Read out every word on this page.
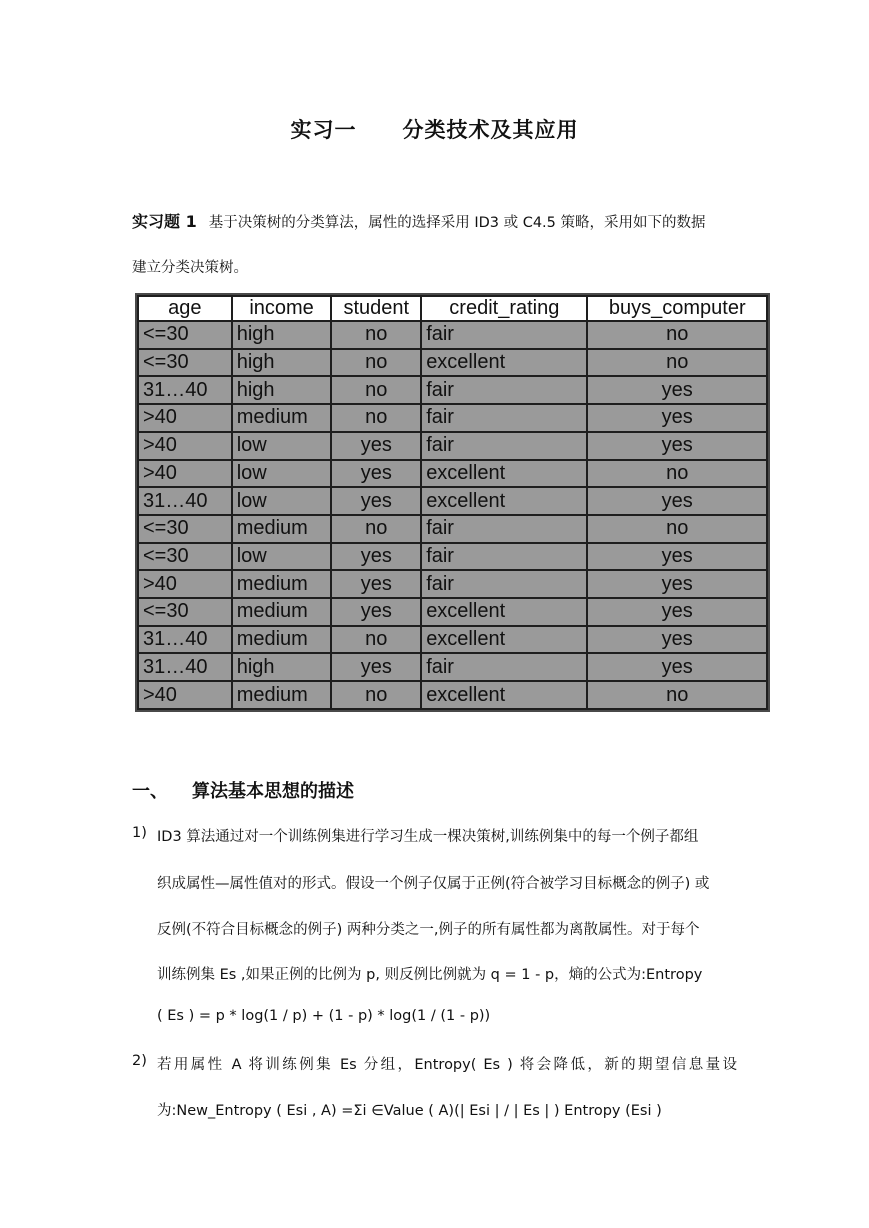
实习一 分类技术及其应用
实习题 1 基于决策树的分类算法，属性的选择采用 ID3 或 C4.5 策略，采用如下的数据
建立分类决策树。
age	income	student	credit_rating	buys_computer
<=30	high	no	fair	no
<=30	high	no	excellent	no
31…40	high	no	fair	yes
>40	medium	no	fair	yes
>40	low	yes	fair	yes
>40	low	yes	excellent	no
31…40	low	yes	excellent	yes
<=30	medium	no	fair	no
<=30	low	yes	fair	yes
>40	medium	yes	fair	yes
<=30	medium	yes	excellent	yes
31…40	medium	no	excellent	yes
31…40	high	yes	fair	yes
>40	medium	no	excellent	no
一、 算法基本思想的描述
1) ID3 算法通过对一个训练例集进行学习生成一棵决策树,训练例集中的每一个例子都组
织成属性—属性值对的形式。假设一个例子仅属于正例(符合被学习目标概念的例子) 或
反例(不符合目标概念的例子) 两种分类之一,例子的所有属性都为离散属性。对于每个
训练例集 Es ,如果正例的比例为 p, 则反例比例就为 q = 1 - p，熵的公式为:Entropy
( Es ) = p * log(1 / p) + (1 - p) * log(1 / (1 - p))
2) 若用属性 A 将训练例集 Es 分组，Entropy( Es ) 将会降低，新的期望信息量设
为:New_Entropy ( Esi , A) =Σi ∈Value ( A)(| Esi | / | Es | ) Entropy (Esi )
